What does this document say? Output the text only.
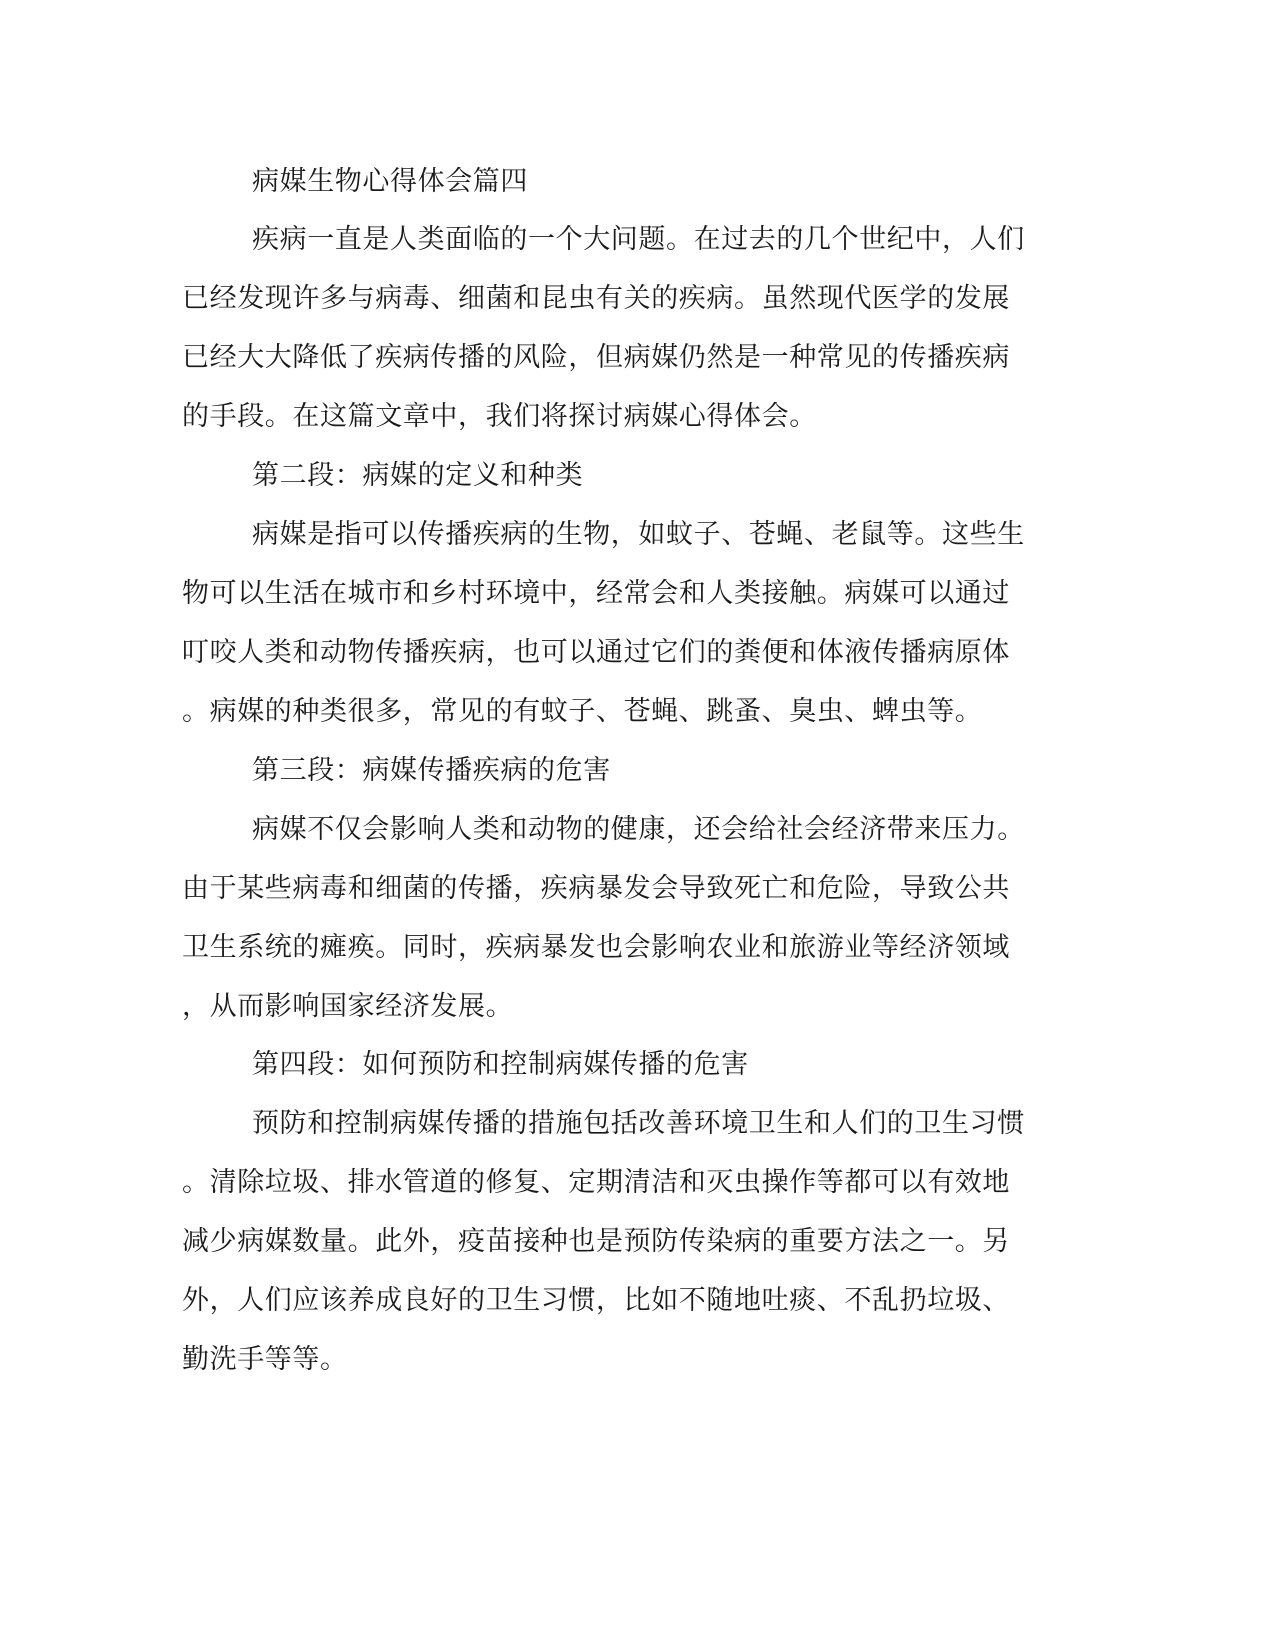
病媒生物心得体会篇四
疾病一直是人类面临的一个大问题。在过去的几个世纪中，人们
已经发现许多与病毒、细菌和昆虫有关的疾病。虽然现代医学的发展
已经大大降低了疾病传播的风险，但病媒仍然是一种常见的传播疾病
的手段。在这篇文章中，我们将探讨病媒心得体会。
第二段：病媒的定义和种类
病媒是指可以传播疾病的生物，如蚊子、苍蝇、老鼠等。这些生
物可以生活在城市和乡村环境中，经常会和人类接触。病媒可以通过
叮咬人类和动物传播疾病，也可以通过它们的粪便和体液传播病原体
。病媒的种类很多，常见的有蚊子、苍蝇、跳蚤、臭虫、蜱虫等。
第三段：病媒传播疾病的危害
病媒不仅会影响人类和动物的健康，还会给社会经济带来压力。
由于某些病毒和细菌的传播，疾病暴发会导致死亡和危险，导致公共
卫生系统的瘫痪。同时，疾病暴发也会影响农业和旅游业等经济领域
，从而影响国家经济发展。
第四段：如何预防和控制病媒传播的危害
预防和控制病媒传播的措施包括改善环境卫生和人们的卫生习惯
。清除垃圾、排水管道的修复、定期清洁和灭虫操作等都可以有效地
减少病媒数量。此外，疫苗接种也是预防传染病的重要方法之一。另
外，人们应该养成良好的卫生习惯，比如不随地吐痰、不乱扔垃圾、
勤洗手等等。
